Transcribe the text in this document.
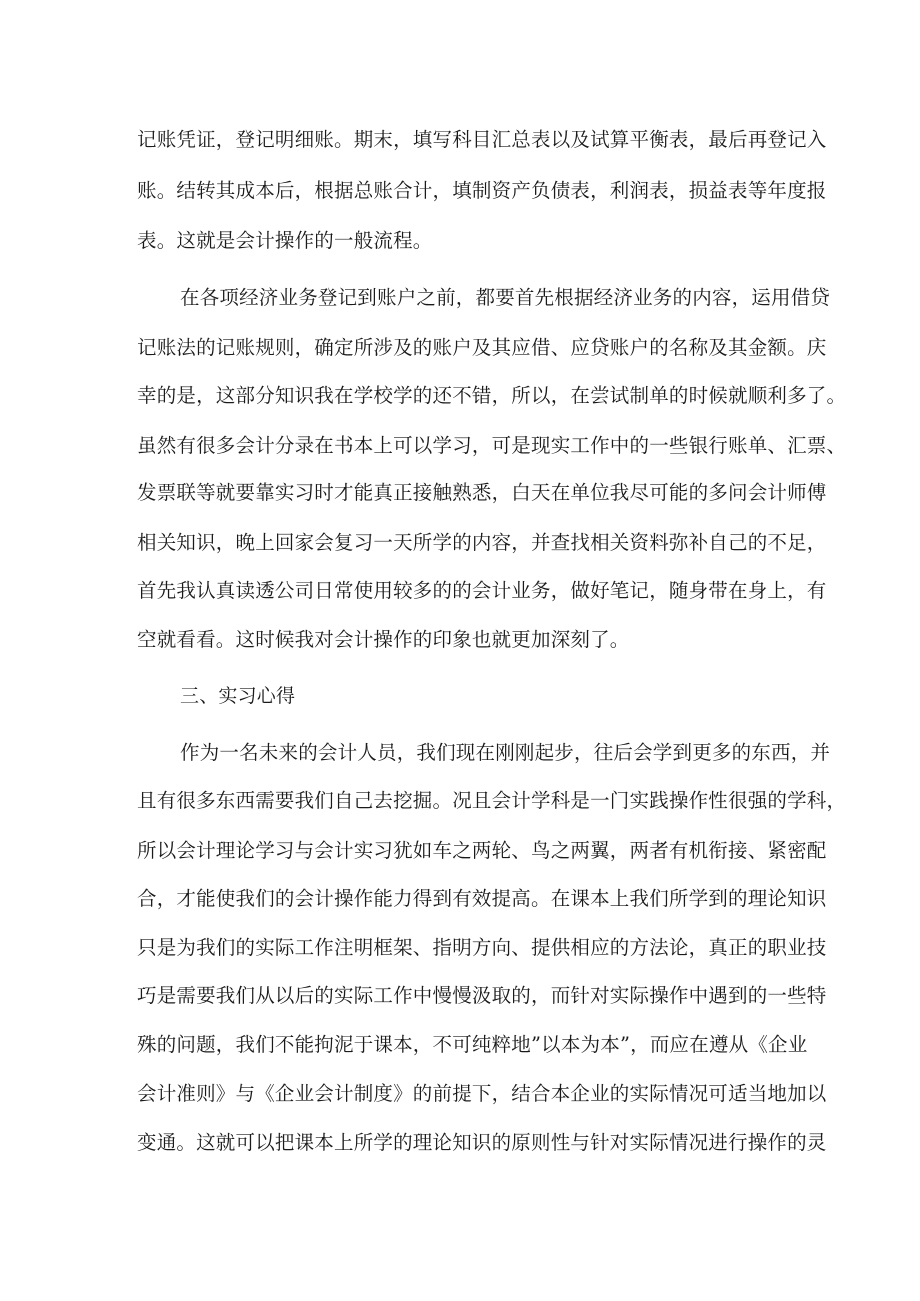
记账凭证，登记明细账。期末，填写科目汇总表以及试算平衡表，最后再登记入
账。结转其成本后，根据总账合计，填制资产负债表，利润表，损益表等年度报
表。这就是会计操作的一般流程。
在各项经济业务登记到账户之前，都要首先根据经济业务的内容，运用借贷
记账法的记账规则，确定所涉及的账户及其应借、应贷账户的名称及其金额。庆
幸的是，这部分知识我在学校学的还不错，所以，在尝试制单的时候就顺利多了。
虽然有很多会计分录在书本上可以学习，可是现实工作中的一些银行账单、汇票、
发票联等就要靠实习时才能真正接触熟悉，白天在单位我尽可能的多问会计师傅
相关知识，晚上回家会复习一天所学的内容，并查找相关资料弥补自己的不足，
首先我认真读透公司日常使用较多的的会计业务，做好笔记，随身带在身上，有
空就看看。这时候我对会计操作的印象也就更加深刻了。
三、实习心得
作为一名未来的会计人员，我们现在刚刚起步，往后会学到更多的东西，并
且有很多东西需要我们自己去挖掘。况且会计学科是一门实践操作性很强的学科，
所以会计理论学习与会计实习犹如车之两轮、鸟之两翼，两者有机衔接、紧密配
合，才能使我们的会计操作能力得到有效提高。在课本上我们所学到的理论知识
只是为我们的实际工作注明框架、指明方向、提供相应的方法论，真正的职业技
巧是需要我们从以后的实际工作中慢慢汲取的，而针对实际操作中遇到的一些特
殊的问题，我们不能拘泥于课本，不可纯粹地”以本为本”，而应在遵从《企业
会计准则》与《企业会计制度》的前提下，结合本企业的实际情况可适当地加以
变通。这就可以把课本上所学的理论知识的原则性与针对实际情况进行操作的灵
